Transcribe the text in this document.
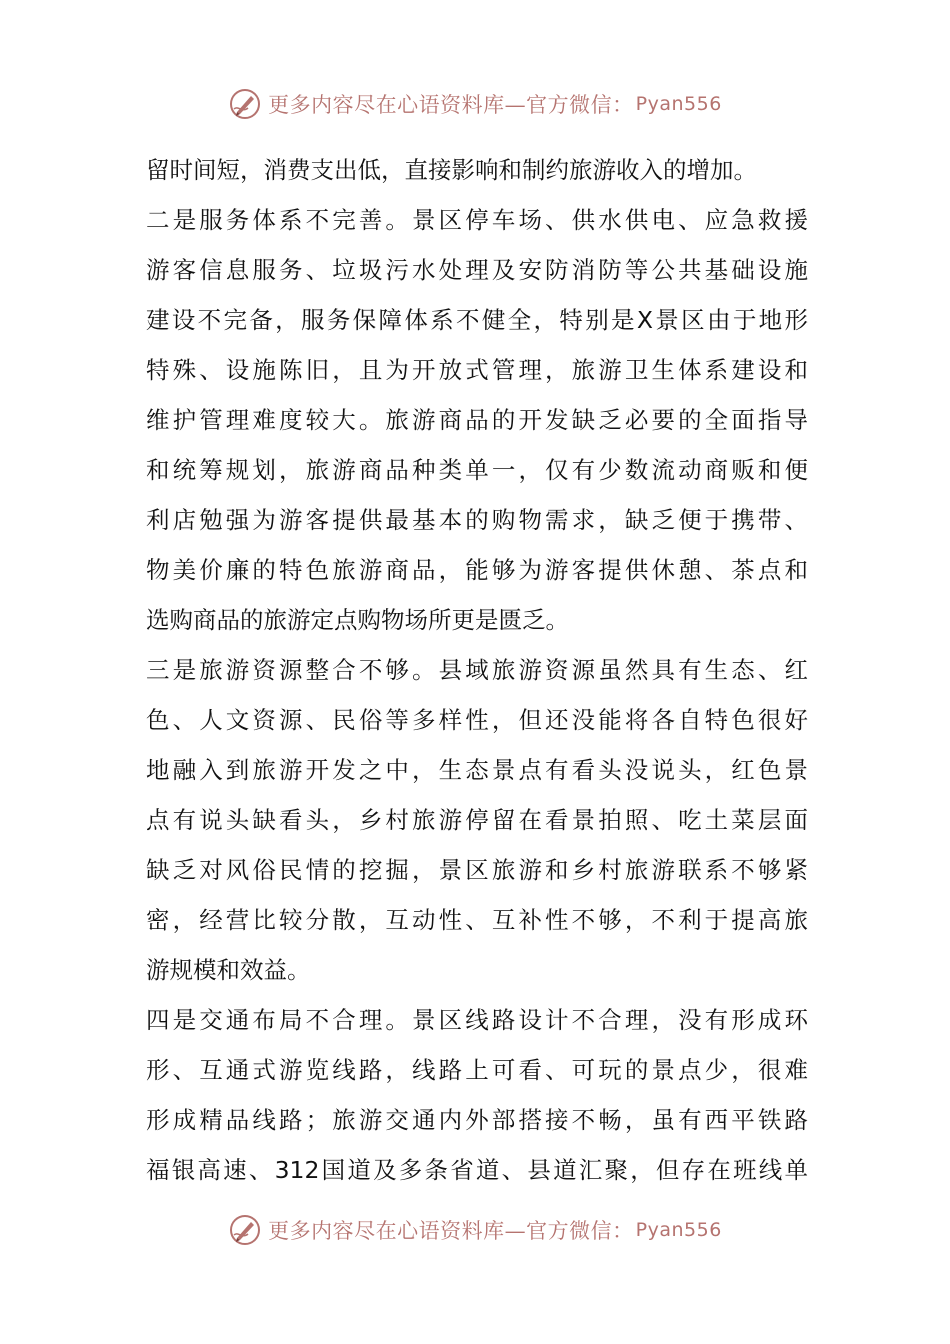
更多内容尽在心语资料库—官方微信： Pyan556
留时间短，消费支出低，直接影响和制约旅游收入的增加。
二是服务体系不完善。景区停车场、供水供电、应急救援
游客信息服务、垃圾污水处理及安防消防等公共基础设施
建设不完备，服务保障体系不健全，特别是X景区由于地形
特殊、设施陈旧，且为开放式管理，旅游卫生体系建设和
维护管理难度较大。旅游商品的开发缺乏必要的全面指导
和统筹规划，旅游商品种类单一，仅有少数流动商贩和便
利店勉强为游客提供最基本的购物需求，缺乏便于携带、
物美价廉的特色旅游商品，能够为游客提供休憩、茶点和
选购商品的旅游定点购物场所更是匮乏。
三是旅游资源整合不够。县域旅游资源虽然具有生态、红
色、人文资源、民俗等多样性，但还没能将各自特色很好
地融入到旅游开发之中，生态景点有看头没说头，红色景
点有说头缺看头，乡村旅游停留在看景拍照、吃土菜层面
缺乏对风俗民情的挖掘，景区旅游和乡村旅游联系不够紧
密，经营比较分散，互动性、互补性不够，不利于提高旅
游规模和效益。
四是交通布局不合理。景区线路设计不合理，没有形成环
形、互通式游览线路，线路上可看、可玩的景点少，很难
形成精品线路；旅游交通内外部搭接不畅，虽有西平铁路
福银高速、312国道及多条省道、县道汇聚，但存在班线单
更多内容尽在心语资料库—官方微信： Pyan556
